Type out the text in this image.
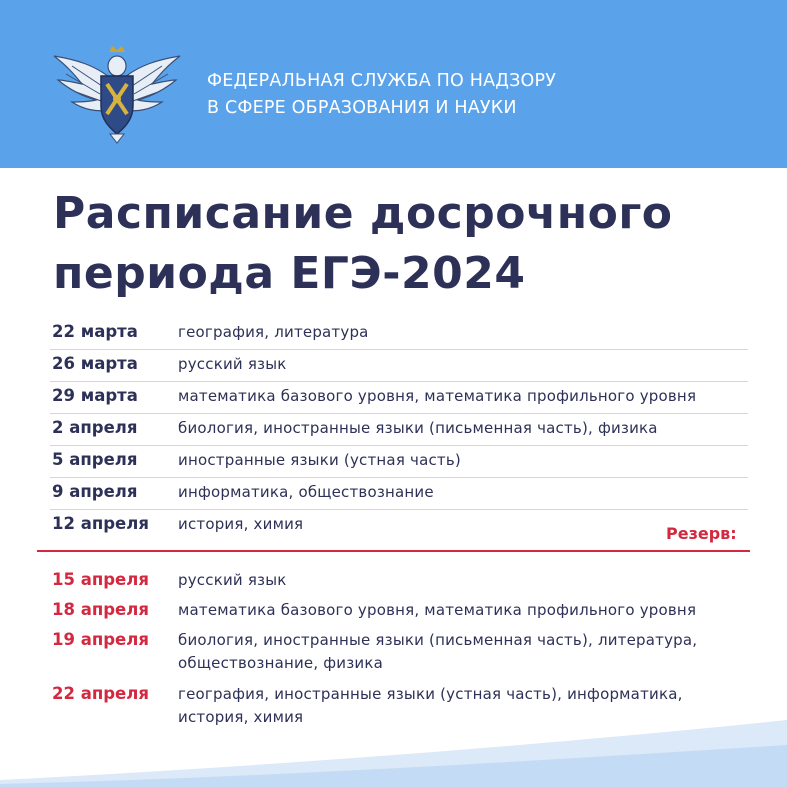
ФЕДЕРАЛЬНАЯ СЛУЖБА ПО НАДЗОРУ
В СФЕРЕ ОБРАЗОВАНИЯ И НАУКИ
Расписание досрочного
периода ЕГЭ-2024
22 марта	география, литература
26 марта	русский язык
29 марта	математика базового уровня, математика профильного уровня
2 апреля	биология, иностранные языки (письменная часть), физика
5 апреля	иностранные языки (устная часть)
9 апреля	информатика, обществознание
12 апреля история, химия	Резерв:
15 апреля русский язык
18 апреля математика базового уровня, математика профильного уровня
19 апреля биология, иностранные языки (письменная часть), литература,
обществознание, физика
22 апреля география, иностранные языки (устная часть), информатика,
история, химия
